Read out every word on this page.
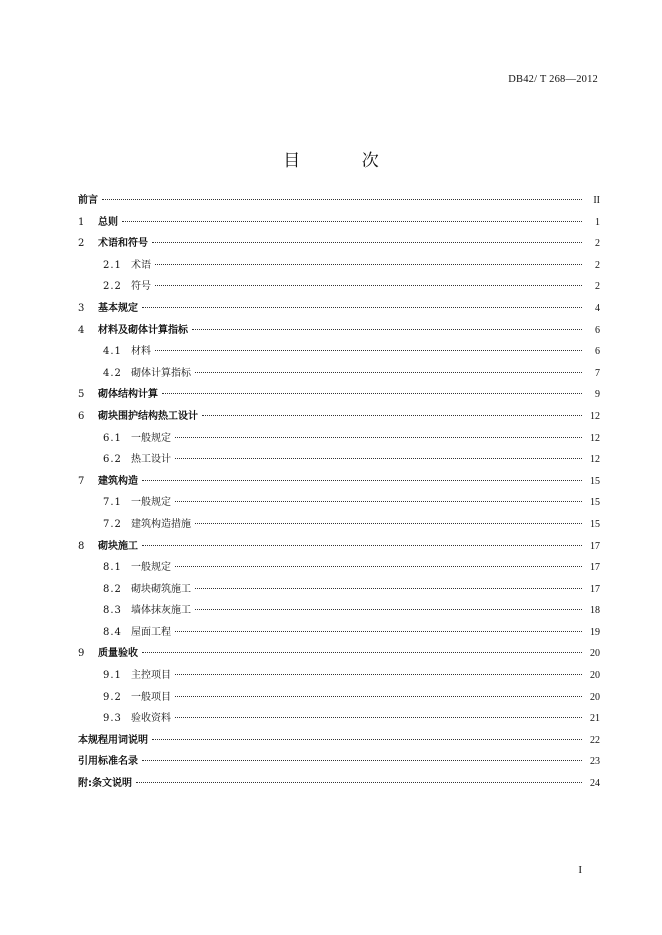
DB42/ T 268—2012
目 次
前言	II
1	总则	1
2	术语和符号	2
2.1 术语	2
2.2 符号	2
3	基本规定	4
4	材料及砌体计算指标	6
4.1 材料	6
4.2 砌体计算指标	7
5	砌体结构计算	9
6	砌块围护结构热工设计	12
6.1 一般规定	12
6.2 热工设计	12
7	建筑构造	15
7.1 一般规定	15
7.2 建筑构造措施	15
8	砌块施工	17
8.1 一般规定	17
8.2 砌块砌筑施工	17
8.3 墙体抹灰施工	18
8.4 屋面工程	19
9	质量验收	20
9.1 主控项目	20
9.2 一般项目	20
9.3 验收资料	21
本规程用词说明	22
引用标准名录	23
附:条文说明	24
I
